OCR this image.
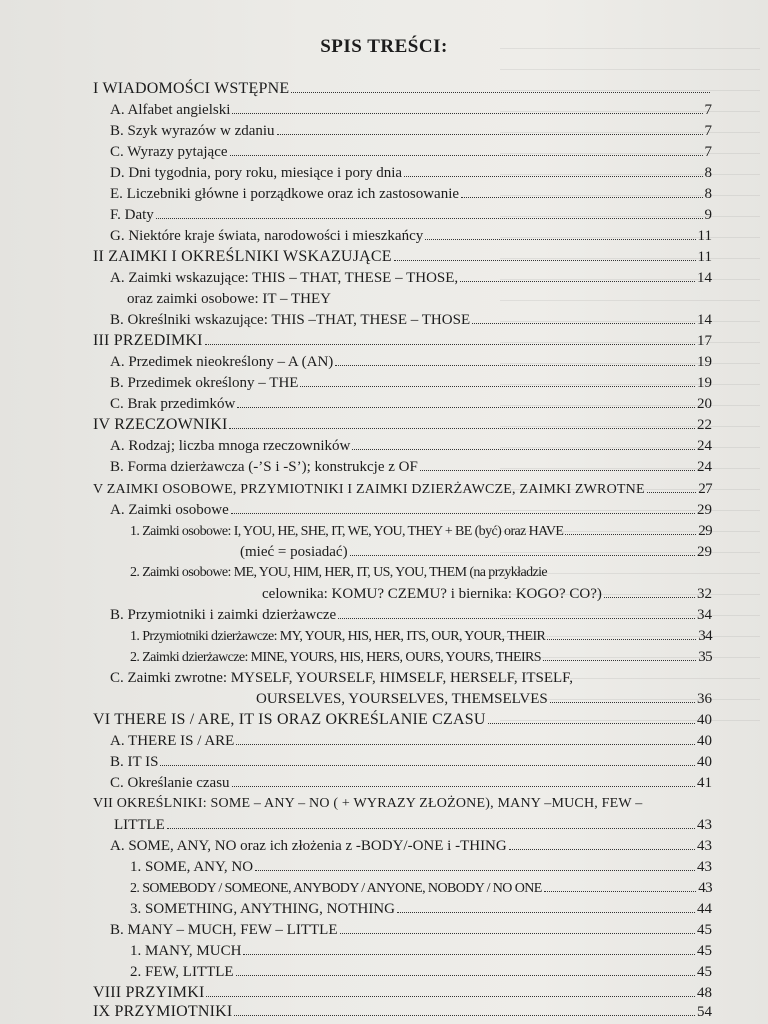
SPIS TREŚCI:
I WIADOMOŚCI WSTĘPNE
A. Alfabet angielski	7
B. Szyk wyrazów w zdaniu	7
C. Wyrazy pytające	7
D. Dni tygodnia, pory roku, miesiące i pory dnia	8
E. Liczebniki główne i porządkowe oraz ich zastosowanie	8
F. Daty	9
G. Niektóre kraje świata, narodowości i mieszkańcy	11
II ZAIMKI I OKREŚLNIKI WSKAZUJĄCE	11
A. Zaimki wskazujące: THIS – THAT, THESE – THOSE,	14
oraz zaimki osobowe: IT – THEY
B. Określniki wskazujące: THIS –THAT, THESE – THOSE	14
III PRZEDIMKI	17
A. Przedimek nieokreślony – A (AN)	19
B. Przedimek określony – THE	19
C. Brak przedimków	20
IV RZECZOWNIKI	22
A. Rodzaj; liczba mnoga rzeczowników	24
B. Forma dzierżawcza (-’S i -S’); konstrukcje z OF	24
V ZAIMKI OSOBOWE, PRZYMIOTNIKI I ZAIMKI DZIERŻAWCZE, ZAIMKI ZWROTNE	27
A. Zaimki osobowe	29
1. Zaimki osobowe: I, YOU, HE, SHE, IT, WE, YOU, THEY + BE (być) oraz HAVE	29
(mieć = posiadać)	29
2. Zaimki osobowe: ME, YOU, HIM, HER, IT, US, YOU, THEM (na przykładzie
celownika: KOMU? CZEMU? i biernika: KOGO? CO?)	32
B. Przymiotniki i zaimki dzierżawcze	34
1. Przymiotniki dzierżawcze: MY, YOUR, HIS, HER, ITS, OUR, YOUR, THEIR	34
2. Zaimki dzierżawcze: MINE, YOURS, HIS, HERS, OURS, YOURS, THEIRS	35
C. Zaimki zwrotne: MYSELF, YOURSELF, HIMSELF, HERSELF, ITSELF,
OURSELVES, YOURSELVES, THEMSELVES	36
VI THERE IS / ARE, IT IS ORAZ OKREŚLANIE CZASU	40
A. THERE IS / ARE	40
B. IT IS	40
C. Określanie czasu	41
VII OKREŚLNIKI: SOME – ANY – NO ( + WYRAZY ZŁOŻONE), MANY –MUCH, FEW –
LITTLE	43
A. SOME, ANY, NO oraz ich złożenia z -BODY/-ONE i -THING	43
1. SOME, ANY, NO	43
2. SOMEBODY / SOMEONE, ANYBODY / ANYONE, NOBODY / NO ONE	43
3. SOMETHING, ANYTHING, NOTHING	44
B. MANY – MUCH, FEW – LITTLE	45
1. MANY, MUCH	45
2. FEW, LITTLE	45
VIII PRZYIMKI	48
IX PRZYMIOTNIKI	54
